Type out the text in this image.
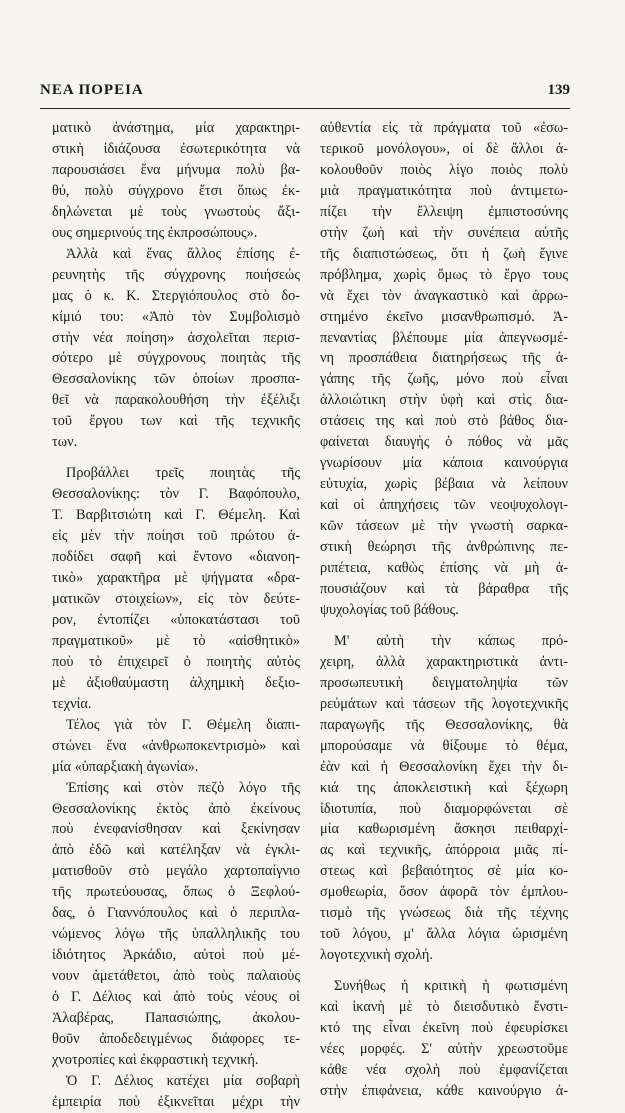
ΝΕΑ ΠΟΡΕΙΑ	139

ματικὸ ἀνάστημα, μία χαρακτηρι-
στικὴ ἰδιάζουσα ἐσωτερικότητα νὰ
παρουσιάσει ἕνα μήνυμα πολὺ βα-
θύ, πολὺ σύγχρονο ἔτσι ὅπως ἐκ-
δηλώνεται μὲ τοὺς γνωστοὺς ἄξι-
ους σημερινούς της ἐκπροσώπους».

Ἀλλὰ καὶ ἕνας ἄλλος ἐπίσης ἐ-
ρευνητὴς τῆς σύγχρονης ποιήσεώς
μας ὁ κ. Κ. Στεργιόπουλος στὸ δο-
κίμιό του: «Ἀπὸ τὸν Συμβολισμὸ
στὴν νέα ποίηση» ἀσχολεῖται περισ-
σότερο μὲ σύγχρονους ποιητὰς τῆς
Θεσσαλονίκης τῶν ὁποίων προσπα-
θεῖ νὰ παρακολουθήση τὴν ἐξέλιξι
τοῦ ἔργου των καὶ τῆς τεχνικῆς
των.

Προβάλλει τρεῖς ποιητὰς τῆς
Θεσσαλονίκης: τὸν Γ. Βαφόπουλο,
Τ. Βαρβιτσιώτη καὶ Γ. Θέμελη. Καὶ
εἰς μὲν τὴν ποίησι τοῦ πρώτου ἀ-
ποδίδει σαφῆ καὶ ἔντονο «διανοη-
τικὸ» χαρακτῆρα μὲ ψήγματα «δρα-
ματικῶν στοιχείων», εἰς τὸν δεύτε-
ρον, ἐντοπίζει «ὑποκατάστασι τοῦ
πραγματικοῦ» μὲ τὸ «αἰσθητικὸ»
ποὺ τὸ ἐπιχειρεῖ ὁ ποιητὴς αὐτὸς
μὲ ἀξιοθαύμαστη ἀλχημικὴ δεξιο-
τεχνία.

Τέλος γιὰ τὸν Γ. Θέμελη διαπι-
στώνει ἕνα «ἀνθρωποκεντρισμὸ» καὶ
μία «ὑπαρξιακὴ ἀγωνία».

Ἐπίσης καὶ στὸν πεζὸ λόγο τῆς
Θεσσαλονίκης ἐκτὸς ἀπὸ ἐκείνους
ποὺ ἐνεφανίσθησαν καὶ ξεκίνησαν
ἀπὸ ἐδῶ καὶ κατέληξαν νὰ ἐγκλι-
ματισθοῦν στὸ μεγάλο χαρτοπαίγνιο
τῆς πρωτεύουσας, ὅπως ὁ Ξεφλού-
δας, ὁ Γιαννόπουλος καὶ ὁ περιπλα-
νώμενος λόγω τῆς ὑπαλληλικῆς του
ἰδιότητος Ἀρκάδιο, αὐτοὶ ποὺ μέ-
νουν ἀμετάθετοι, ἀπὸ τοὺς παλαιοὺς
ὁ Γ. Δέλιος καὶ ἀπὸ τοὺς νέους οἱ
Ἀλαβέρας, Πaπασιώπης, ἀκολου-
θοῦν ἀποδεδειγμένως διάφορες τε-
χνοτροπίες καὶ ἐκφραστικὴ τεχνική.

Ὁ Γ. Δέλιος κατέχει μία σοβαρὴ
ἐμπειρία ποὺ ἐξικνεῖται μέχρι τὴν

αὐθεντία εἰς τὰ πράγματα τοῦ «ἐσω-
τερικοῦ μονόλογου», οἱ δὲ ἄλλοι ἀ-
κολουθοῦν ποιὸς λίγο ποιὸς πολὺ
μιὰ πραγματικότητα ποὺ ἀντιμετω-
πίζει τὴν ἔλλειψη ἐμπιστοσύνης
στὴν ζωὴ καὶ τὴν συνέπεια αὐτῆς
τῆς διαπιστώσεως, ὅτι ἡ ζωὴ ἔγινε
πρόβλημα, χωρὶς ὅμως τὸ ἔργο τους
νὰ ἔχει τὸν ἀναγκαστικὸ καὶ ἀρρω-
στημένο ἐκεῖνο μισανθρωπισμό. Ἀ-
πεναντίας βλέπουμε μία ἀπεγνωσμέ-
νη προσπάθεια διατηρήσεως τῆς ἀ-
γάπης τῆς ζωῆς, μόνο ποὺ εἶναι
ἀλλοιώτικη στὴν ὑφὴ καὶ στὶς δια-
στάσεις της καὶ ποὺ στὸ βάθος δια-
φαίνεται διαυγὴς ὁ πόθος νὰ μᾶς
γνωρίσουν μία κάποια καινούργια
εὐτυχία, χωρὶς βέβαια νὰ λείπουν
καὶ οἱ ἀπηχήσεις τῶν νεοψυχολογι-
κῶν τάσεων μὲ τὴν γνωστὴ σαρκα-
στικὴ θεώρησι τῆς ἀνθρώπινης πε-
ριπέτεια, καθὼς ἐπίσης νὰ μὴ ἀ-
πουσιάζουν καὶ τὰ βάραθρα τῆς
ψυχολογίας τοῦ βάθους.

Μ' αὐτὴ τὴν κάπως πρό-
χειρη, ἀλλὰ χαρακτηριστικὰ ἀντι-
προσωπευτικὴ δειγματοληψία τῶν
ρεύμάτων καὶ τάσεων τῆς λογοτεχνικῆς
παραγωγῆς τῆς Θεσσαλονίκης, θὰ
μπορούσαμε νὰ θίξουμε τὸ θέμα,
ἐὰν καὶ ἡ Θεσσαλονίκη ἔχει τὴν δι-
κιά της ἀποκλειστικὴ καὶ ξέχωρη
ἰδιοτυπία, ποὺ διαμορφώνεται σὲ
μία καθωρισμένη ἄσκησι πειθαρχί-
ας καὶ τεχνικῆς, ἀπόρροια μιᾶς πί-
στεως καὶ βεβαιότητος σὲ μία κο-
σμοθεωρία, ὅσον ἀφορᾶ τὸν ἐμπλου-
τισμὸ τῆς γνώσεως διὰ τῆς τέχνης
τοῦ λόγου, μ' ἄλλα λόγια ὡρισμένη
λογοτεχνικὴ σχολή.

Συνήθως ἡ κριτικὴ ἡ φωτισμένη
καὶ ἱκανὴ μὲ τὸ διεισδυτικὸ ἔνστι-
κτό της εἶναι ἐκεῖνη ποὺ ἐφευρίσκει
νέες μορφές. Σ' αὐτὴν χρεωστοῦμε
κάθε νέα σχολὴ ποὺ ἐμφανίζεται
στὴν ἐπιφάνεια, κάθε καινούργιο ἀ-
